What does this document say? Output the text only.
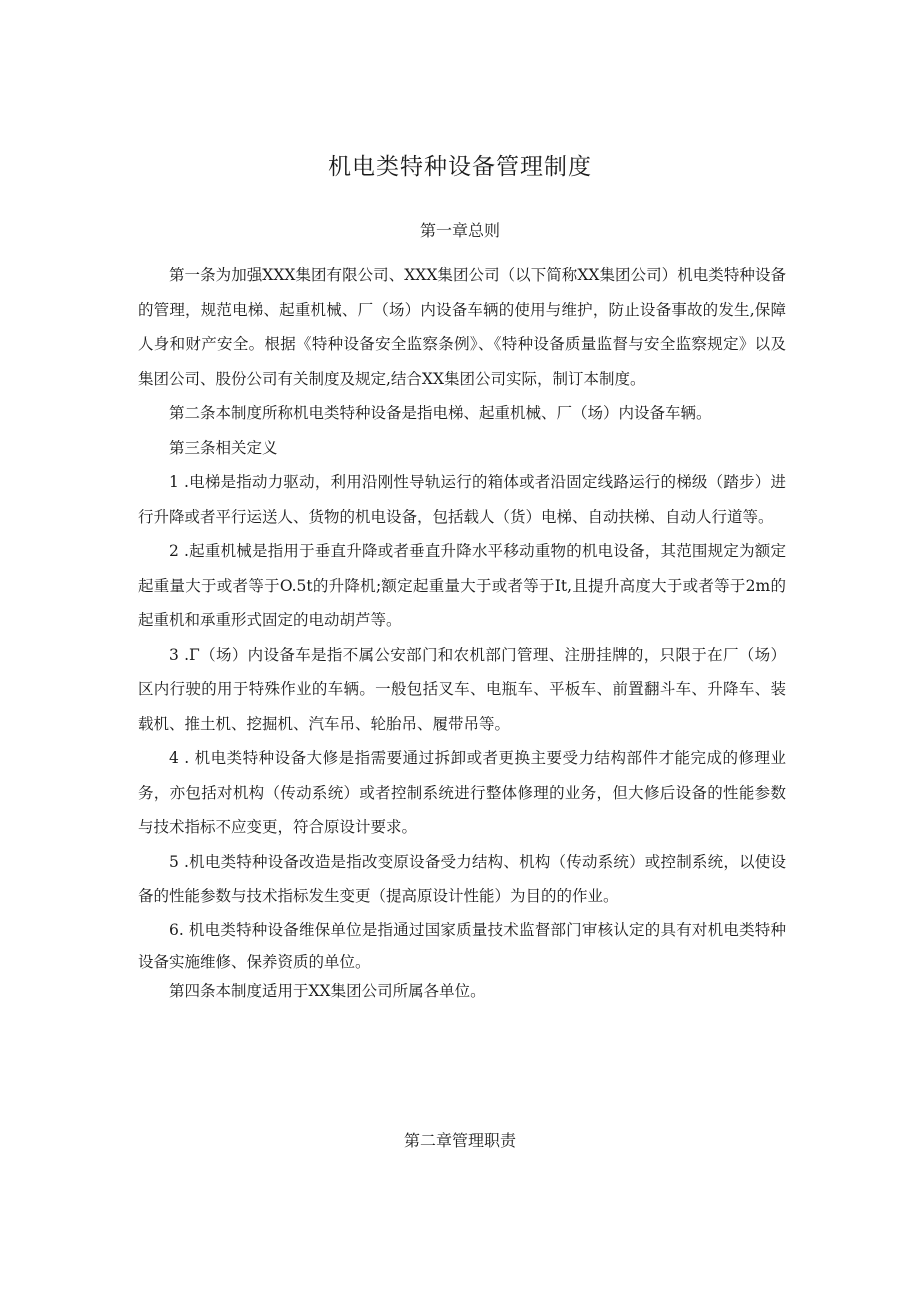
机电类特种设备管理制度
第一章总则

第一条为加强XXX集团有限公司、XXX集团公司（以下简称XX集团公司）机电类特种设备的管理，规范电梯、起重机械、厂（场）内设备车辆的使用与维护，防止设备事故的发生,保障人身和财产安全。根据《特种设备安全监察条例》、《特种设备质量监督与安全监察规定》以及集团公司、股份公司有关制度及规定,结合XX集团公司实际，制订本制度。

第二条本制度所称机电类特种设备是指电梯、起重机械、厂（场）内设备车辆。

第三条相关定义

1 .电梯是指动力驱动，利用沿刚性导轨运行的箱体或者沿固定线路运行的梯级（踏步）进行升降或者平行运送人、货物的机电设备，包括载人（货）电梯、自动扶梯、自动人行道等。

2 .起重机械是指用于垂直升降或者垂直升降水平移动重物的机电设备，其范围规定为额定起重量大于或者等于O.5t的升降机;额定起重量大于或者等于It,且提升高度大于或者等于2m的起重机和承重形式固定的电动胡芦等。

3 .Γ（场）内设备车是指不属公安部门和农机部门管理、注册挂牌的，只限于在厂（场）区内行驶的用于特殊作业的车辆。一般包括叉车、电瓶车、平板车、前置翻斗车、升降车、装载机、推土机、挖掘机、汽车吊、轮胎吊、履带吊等。

4 . 机电类特种设备大修是指需要通过拆卸或者更换主要受力结构部件才能完成的修理业务，亦包括对机构（传动系统）或者控制系统进行整体修理的业务，但大修后设备的性能参数与技术指标不应变更，符合原设计要求。

5 .机电类特种设备改造是指改变原设备受力结构、机构（传动系统）或控制系统，以使设备的性能参数与技术指标发生变更（提高原设计性能）为目的的作业。

6. 机电类特种设备维保单位是指通过国家质量技术监督部门审核认定的具有对机电类特种设备实施维修、保养资质的单位。

第四条本制度适用于XX集团公司所属各单位。

第二章管理职责
